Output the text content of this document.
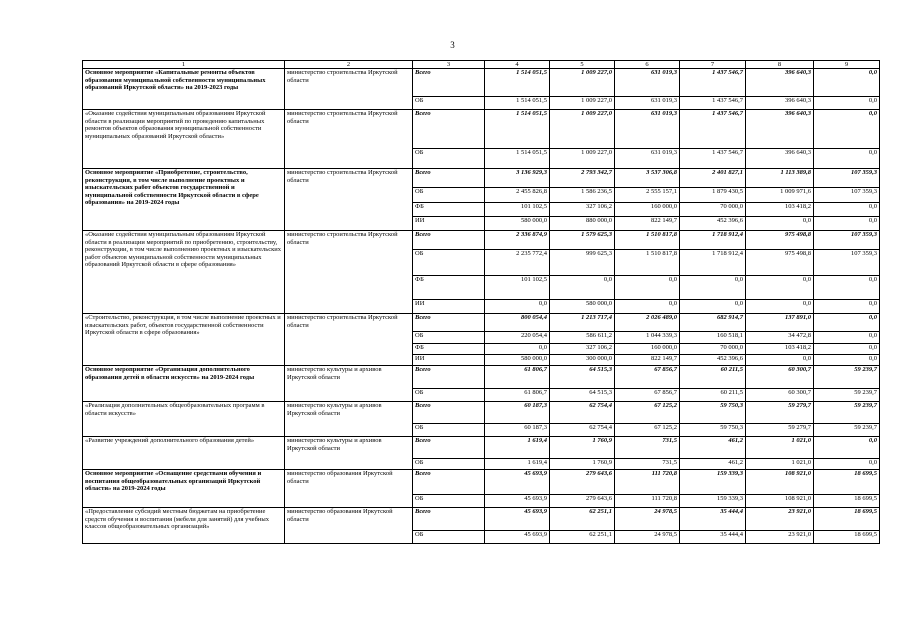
3
1	2	3	4	5	6	7	8	9
Основное мероприятие «Капитальные ремонты объектов образования муниципальной собственности муниципальных образований Иркутской области» на 2019-2023 годы	министерство строительства Иркутской области	Всего	1 514 051,5	1 009 227,0	631 019,3	1 437 546,7	396 640,3	0,0
		ОБ	1 514 051,5	1 009 227,0	631 019,3	1 437 546,7	396 640,3	0,0
«Оказание содействия муниципальным образованиям Иркутской области в реализации мероприятий по проведению капитальных ремонтов объектов образования муниципальной собственности муниципальных образований Иркутской области»	министерство строительства Иркутской области	Всего	1 514 051,5	1 009 227,0	631 019,3	1 437 546,7	396 640,3	0,0
		ОБ	1 514 051,5	1 009 227,0	631 019,3	1 437 546,7	396 640,3	0,0
Основное мероприятие «Приобретение, строительство, реконструкция, в том числе выполнение проектных и изыскательских работ объектов государственной и муниципальной собственности Иркутской области в сфере образования» на 2019-2024 годы	министерство строительства Иркутской области	Всего	3 136 929,3	2 793 342,7	3 537 306,8	2 401 827,1	1 113 389,8	107 359,3
		ОБ	2 455 826,8	1 586 236,5	2 555 157,1	1 879 430,5	1 009 971,6	107 359,3
		ФБ	101 102,5	327 106,2	160 000,0	70 000,0	103 418,2	0,0
		ИИ	580 000,0	880 000,0	822 149,7	452 396,6	0,0	0,0
«Оказание содействия муниципальным образованиям Иркутской области в реализации мероприятий по приобретению, строительству, реконструкции, в том числе выполнению проектных и изыскательских работ объектов муниципальной собственности муниципальных образований Иркутской области в сфере образования»	министерство строительства Иркутской области	Всего	2 336 874,9	1 579 625,3	1 510 817,8	1 718 912,4	975 498,8	107 359,3
		ОБ	2 235 772,4	999 625,3	1 510 817,8	1 718 912,4	975 498,8	107 359,3
		ФБ	101 102,5	0,0	0,0	0,0	0,0	0,0
		ИИ	0,0	580 000,0	0,0	0,0	0,0	0,0
«Строительство, реконструкция, в том числе выполнение проектных и изыскательских работ, объектов государственной собственности Иркутской области в сфере образования»	министерство строительства Иркутской области	Всего	800 054,4	1 213 717,4	2 026 489,0	682 914,7	137 891,0	0,0
		ОБ	220 054,4	586 611,2	1 044 339,3	160 518,1	34 472,8	0,0
		ФБ	0,0	327 106,2	160 000,0	70 000,0	103 418,2	0,0
		ИИ	580 000,0	300 000,0	822 149,7	452 396,6	0,0	0,0
Основное мероприятие «Организация дополнительного образования детей в области искусств» на 2019-2024 годы	министерство культуры и архивов Иркутской области	Всего	61 806,7	64 515,3	67 856,7	60 211,5	60 300,7	59 239,7
		ОБ	61 806,7	64 515,3	67 856,7	60 211,5	60 300,7	59 239,7
«Реализация дополнительных общеобразовательных программ в области искусств»	министерство культуры и архивов Иркутской области	Всего	60 187,3	62 754,4	67 125,2	59 750,3	59 279,7	59 239,7
		ОБ	60 187,3	62 754,4	67 125,2	59 750,3	59 279,7	59 239,7
«Развитие учреждений дополнительного образования детей»	министерство культуры и архивов Иркутской области	Всего	1 619,4	1 760,9	731,5	461,2	1 021,0	0,0
		ОБ	1 619,4	1 760,9	731,5	461,2	1 021,0	0,0
Основное мероприятие «Оснащение средствами обучения и воспитания общеобразовательных организаций Иркутской области» на 2019-2024 годы	министерство образования Иркутской области	Всего	45 693,9	279 643,6	111 720,8	159 339,3	108 921,0	18 699,5
		ОБ	45 693,9	279 643,6	111 720,8	159 339,3	108 921,0	18 699,5
«Предоставление субсидий местным бюджетам на приобретение средств обучения и воспитания (мебели для занятий) для учебных классов общеобразовательных организаций»	министерство образования Иркутской области	Всего	45 693,9	62 251,1	24 978,5	35 444,4	23 921,0	18 699,5
		ОБ	45 693,9	62 251,1	24 978,5	35 444,4	23 921,0	18 699,5
